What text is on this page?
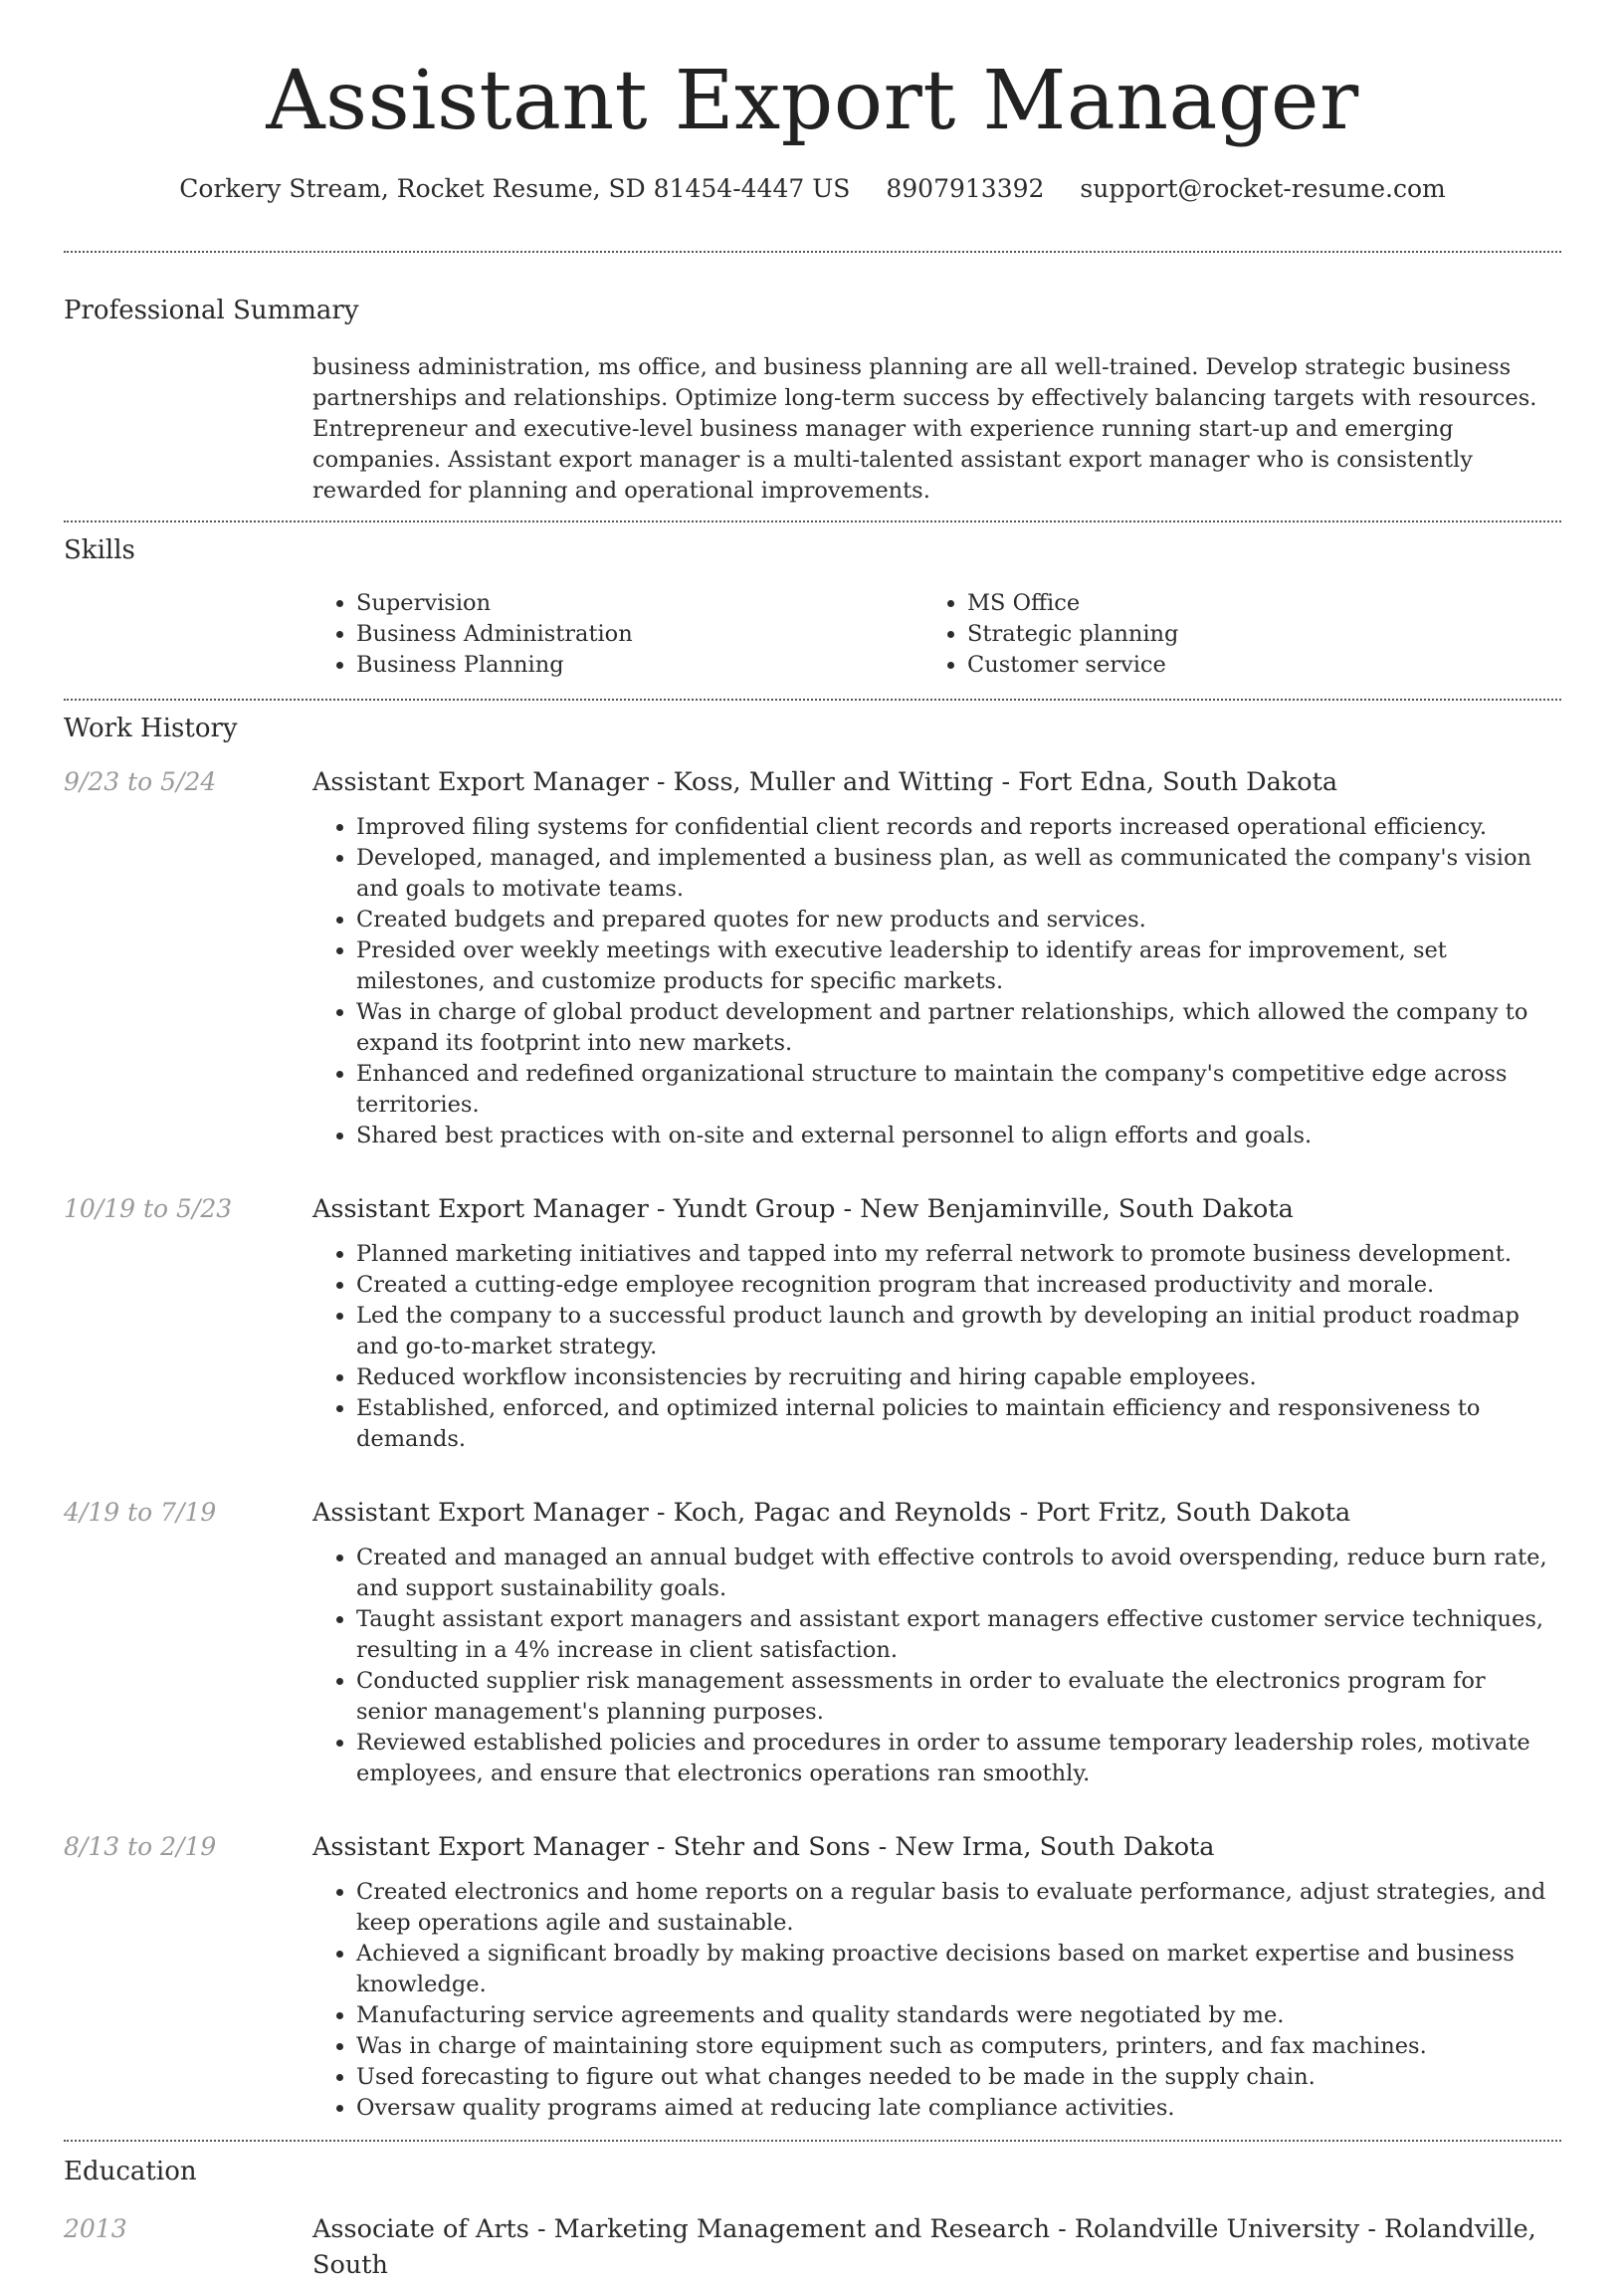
Assistant Export Manager
Corkery Stream, Rocket Resume, SD 81454-4447 US 8907913392 support@rocket-resume.com
Professional Summary

business administration, ms office, and business planning are all well-trained. Develop strategic business partnerships and relationships. Optimize long-term success by effectively balancing targets with resources. Entrepreneur and executive-level business manager with experience running start-up and emerging companies. Assistant export manager is a multi-talented assistant export manager who is consistently rewarded for planning and operational improvements.

Skills
• Supervision
• Business Administration
• Business Planning
• MS Office
• Strategic planning
• Customer service
Work History
9/23 to 5/24	Assistant Export Manager - Koss, Muller and Witting - Fort Edna, South Dakota
• Improved filing systems for confidential client records and reports increased operational efficiency.
• Developed, managed, and implemented a business plan, as well as communicated the company's vision and goals to motivate teams.
• Created budgets and prepared quotes for new products and services.
• Presided over weekly meetings with executive leadership to identify areas for improvement, set milestones, and customize products for specific markets.
• Was in charge of global product development and partner relationships, which allowed the company to expand its footprint into new markets.
• Enhanced and redefined organizational structure to maintain the company's competitive edge across territories.
• Shared best practices with on-site and external personnel to align efforts and goals.
10/19 to 5/23	Assistant Export Manager - Yundt Group - New Benjaminville, South Dakota
• Planned marketing initiatives and tapped into my referral network to promote business development.
• Created a cutting-edge employee recognition program that increased productivity and morale.
• Led the company to a successful product launch and growth by developing an initial product roadmap and go-to-market strategy.
• Reduced workflow inconsistencies by recruiting and hiring capable employees.
• Established, enforced, and optimized internal policies to maintain efficiency and responsiveness to demands.
4/19 to 7/19	Assistant Export Manager - Koch, Pagac and Reynolds - Port Fritz, South Dakota
• Created and managed an annual budget with effective controls to avoid overspending, reduce burn rate, and support sustainability goals.
• Taught assistant export managers and assistant export managers effective customer service techniques, resulting in a 4% increase in client satisfaction.
• Conducted supplier risk management assessments in order to evaluate the electronics program for senior management's planning purposes.
• Reviewed established policies and procedures in order to assume temporary leadership roles, motivate employees, and ensure that electronics operations ran smoothly.
8/13 to 2/19	Assistant Export Manager - Stehr and Sons - New Irma, South Dakota
• Created electronics and home reports on a regular basis to evaluate performance, adjust strategies, and keep operations agile and sustainable.
• Achieved a significant broadly by making proactive decisions based on market expertise and business knowledge.
• Manufacturing service agreements and quality standards were negotiated by me.
• Was in charge of maintaining store equipment such as computers, printers, and fax machines.
• Used forecasting to figure out what changes needed to be made in the supply chain.
• Oversaw quality programs aimed at reducing late compliance activities.
Education
2013	Associate of Arts - Marketing Management and Research - Rolandville University - Rolandville, South
